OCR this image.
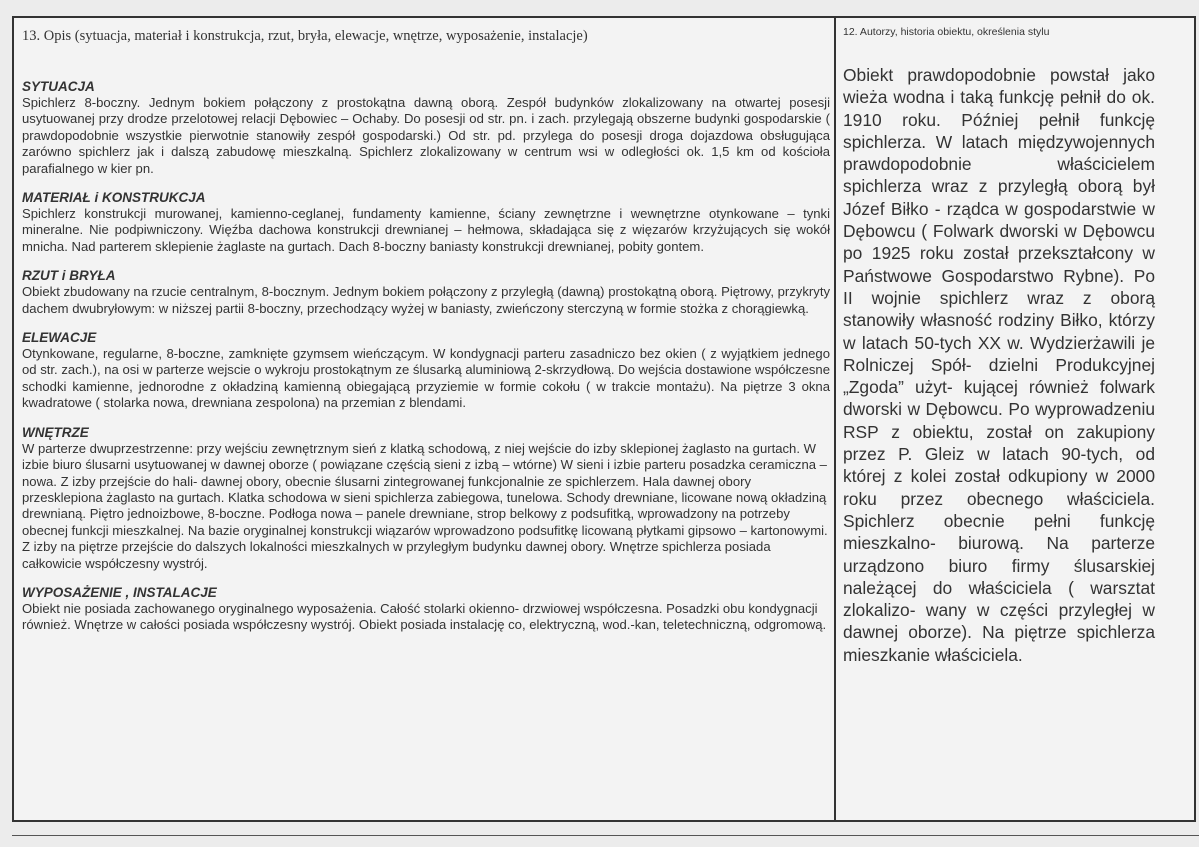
13. Opis (sytuacja, materiał i konstrukcja, rzut, bryła, elewacje, wnętrze, wyposażenie, instalacje)

SYTUACJA

Spichlerz 8-boczny. Jednym bokiem połączony z prostokątna dawną oborą. Zespół budynków zlokalizowany na otwartej posesji usytuowanej przy drodze przelotowej relacji Dębowiec – Ochaby. Do posesji od str. pn. i zach. przylegają obszerne budynki gospodarskie ( prawdopodobnie wszystkie pierwotnie stanowiły zespół gospodarski.) Od str. pd. przylega do posesji droga dojazdowa obsługująca zarówno spichlerz jak i dalszą zabudowę mieszkalną. Spichlerz zlokalizowany w centrum wsi w odległości ok. 1,5 km od kościoła parafialnego w kier pn.

MATERIAŁ i KONSTRUKCJA

Spichlerz konstrukcji murowanej, kamienno-ceglanej, fundamenty kamienne, ściany zewnętrzne i wewnętrzne otynkowane – tynki mineralne. Nie podpiwniczony. Więźba dachowa konstrukcji drewnianej – hełmowa, składająca się z więzarów krzyżujących się wokół mnicha. Nad parterem sklepienie żaglaste na gurtach. Dach 8-boczny baniasty konstrukcji drewnianej, pobity gontem.

RZUT i BRYŁA

Obiekt zbudowany na rzucie centralnym, 8-bocznym. Jednym bokiem połączony z przyległą (dawną) prostokątną oborą. Piętrowy, przykryty dachem dwubryłowym: w niższej partii 8-boczny, przechodzący wyżej w baniasty, zwieńczony sterczyną w formie stożka z chorągiewką.

ELEWACJE

Otynkowane, regularne, 8-boczne, zamknięte gzymsem wieńczącym. W kondygnacji parteru zasadniczo bez okien ( z wyjątkiem jednego od str. zach.), na osi w parterze wejscie o wykroju prostokątnym ze ślusarką aluminiową 2-skrzydłową. Do wejścia dostawione współczesne schodki kamienne, jednorodne z okładziną kamienną obiegającą przyziemie w formie cokołu ( w trakcie montażu). Na piętrze 3 okna kwadratowe ( stolarka nowa, drewniana zespolona) na przemian z blendami.

WNĘTRZE

W parterze dwuprzestrzenne: przy wejściu zewnętrznym sień z klatką schodową, z niej wejście do izby sklepionej żaglasto na gurtach. W izbie biuro ślusarni usytuowanej w dawnej oborze ( powiązane częścią sieni z izbą – wtórne) W sieni i izbie parteru posadzka ceramiczna – nowa. Z izby przejście do hali- dawnej obory, obecnie ślusarni zintegrowanej funkcjonalnie ze spichlerzem. Hala dawnej obory przesklepiona żaglasto na gurtach. Klatka schodowa w sieni spichlerza zabiegowa, tunelowa. Schody drewniane, licowane nową okładziną drewnianą. Piętro jednoizbowe, 8-boczne. Podłoga nowa – panele drewniane, strop belkowy z podsufitką, wprowadzony na potrzeby obecnej funkcji mieszkalnej. Na bazie oryginalnej konstrukcji wiązarów wprowadzono podsufitkę licowaną płytkami gipsowo – kartonowymi. Z izby na piętrze przejście do dalszych lokalności mieszkalnych w przyległym budynku dawnej obory. Wnętrze spichlerza posiada całkowicie współczesny wystrój.

WYPOSAŻENIE , INSTALACJE

Obiekt nie posiada zachowanego oryginalnego wyposażenia. Całość stolarki okienno- drzwiowej współczesna. Posadzki obu kondygnacji również. Wnętrze w całości posiada współczesny wystrój. Obiekt posiada instalację co, elektryczną, wod.-kan, teletechniczną, odgromową.

12. Autorzy, historia obiektu, określenia stylu

Obiekt prawdopodobnie powstał jako wieża wodna i taką funkcję pełnił do ok. 1910 roku. Później pełnił funkcję spichlerza. W latach międzywojennych prawdopodobnie właścicielem spichlerza wraz z przyległą oborą był Józef Biłko - rządca w gospodarstwie w Dębowcu ( Folwark dworski w Dębowcu po 1925 roku został przekształcony w Państwowe Gospodarstwo Rybne). Po II wojnie spichlerz wraz z oborą stanowiły własność rodziny Biłko, którzy w latach 50-tych XX w. Wydzierżawili je Rolniczej Spół- dzielni Produkcyjnej „Zgoda” użyt- kującej również folwark dworski w Dębowcu. Po wyprowadzeniu RSP z obiektu, został on zakupiony przez P. Gleiz w latach 90-tych, od której z kolei został odkupiony w 2000 roku przez obecnego właściciela. Spichlerz obecnie pełni funkcję mieszkalno- biurową. Na parterze urządzono biuro firmy ślusarskiej należącej do właściciela ( warsztat zlokalizo- wany w części przyległej w dawnej oborze). Na piętrze spichlerza mieszkanie właściciela.
